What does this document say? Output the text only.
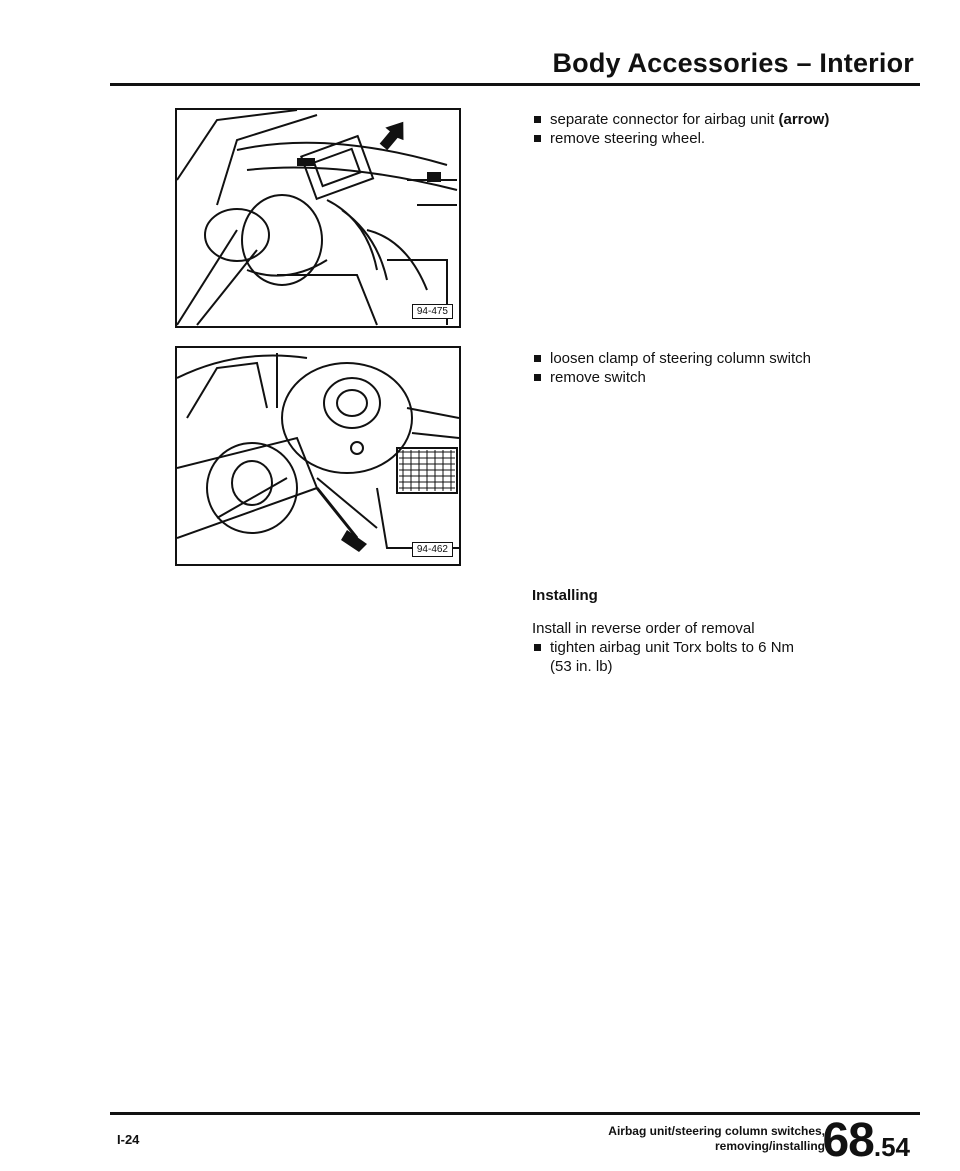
Body Accessories – Interior
94-475
94-462
separate connector for airbag unit (arrow)
remove steering wheel.
loosen clamp of steering column switch
remove switch
Installing
Install in reverse order of removal
tighten airbag unit Torx bolts to 6 Nm
(53 in. lb)
I-24
Airbag unit/steering column switches,
removing/installing
68.54
